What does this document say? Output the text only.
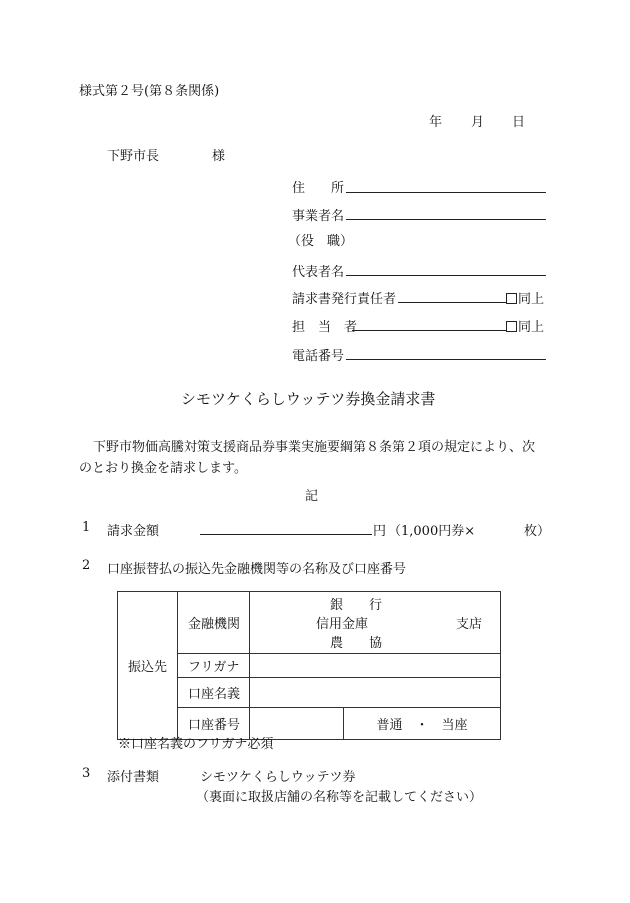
様式第２号(第８条関係)
年 月 日
下野市長	様
住　　所
事業者名
（役　職）
代表者名
請求書発行責任者	同上
担　当　者	同上
電話番号
シモツケくらしウッテツ券換金請求書
下野市物価高騰対策支援商品券事業実施要綱第８条第２項の規定により、次
のとおり換金を請求します。
記
1 請求金額	円 （1,000円券×	枚）
2 口座振替払の振込先金融機関等の名称及び口座番号
振込先	金融機関	銀　　行
信用金庫
農　　協
支店	

	フリガナ		
	口座名義		
	口座番号		普通　・　当座
※口座名義のフリガナ必須
3 添付書類	シモツケくらしウッテツ券
（裏面に取扱店舗の名称等を記載してください）
